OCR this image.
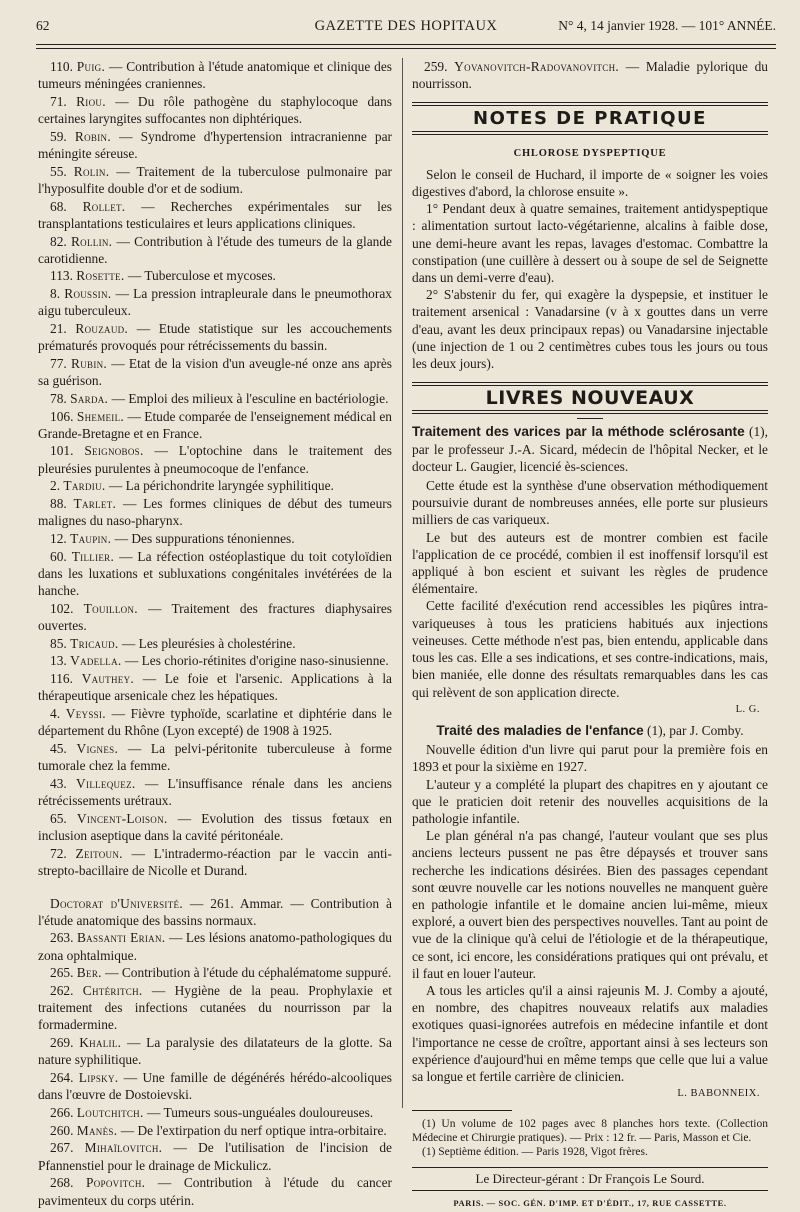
62	GAZETTE DES HOPITAUX	N° 4, 14 janvier 1928. — 101° ANNÉE.

110. Puig. — Contribution à l'étude anatomique et clinique des tumeurs méningées craniennes.

71. Riou. — Du rôle pathogène du staphylocoque dans certaines laryngites suffocantes non diphtériques.

59. Robin. — Syndrome d'hypertension intracranienne par méningite séreuse.

55. Rolin. — Traitement de la tuberculose pulmonaire par l'hyposulfite double d'or et de sodium.

68. Rollet. — Recherches expérimentales sur les transplantations testiculaires et leurs applications cliniques.

82. Rollin. — Contribution à l'étude des tumeurs de la glande carotidienne.

113. Rosette. — Tuberculose et mycoses.

8. Roussin. — La pression intrapleurale dans le pneumothorax aigu tuberculeux.

21. Rouzaud. — Etude statistique sur les accouchements prématurés provoqués pour rétrécissements du bassin.

77. Rubin. — Etat de la vision d'un aveugle-né onze ans après sa guérison.

78. Sarda. — Emploi des milieux à l'esculine en bactériologie.

106. Shemeil. — Etude comparée de l'enseignement médical en Grande-Bretagne et en France.

101. Seignobos. — L'optochine dans le traitement des pleurésies purulentes à pneumocoque de l'enfance.

2. Tardiu. — La périchondrite laryngée syphilitique.

88. Tarlet. — Les formes cliniques de début des tumeurs malignes du naso-pharynx.

12. Taupin. — Des suppurations ténoniennes.

60. Tillier. — La réfection ostéoplastique du toit cotyloïdien dans les luxations et subluxations congénitales invétérées de la hanche.

102. Touillon. — Traitement des fractures diaphysaires ouvertes.

85. Tricaud. — Les pleurésies à cholestérine.

13. Vadella. — Les chorio-rétinites d'origine naso-sinusienne.

116. Vauthey. — Le foie et l'arsenic. Applications à la thérapeutique arsenicale chez les hépatiques.

4. Veyssi. — Fièvre typhoïde, scarlatine et diphtérie dans le département du Rhône (Lyon excepté) de 1908 à 1925.

45. Vignes. — La pelvi-péritonite tuberculeuse à forme tumorale chez la femme.

43. Villequez. — L'insuffisance rénale dans les anciens rétrécissements urétraux.

65. Vincent-Loison. — Evolution des tissus fœtaux en inclusion aseptique dans la cavité péritonéale.

72. Zeitoun. — L'intradermo-réaction par le vaccin anti-strepto-bacillaire de Nicolle et Durand.

Doctorat d'Université. — 261. Ammar. — Contribution à l'étude anatomique des bassins normaux.

263. Bassanti Erian. — Les lésions anatomo-pathologiques du zona ophtalmique.

265. Ber. — Contribution à l'étude du céphalématome suppuré.

262. Chtéritch. — Hygiène de la peau. Prophylaxie et traitement des infections cutanées du nourrisson par la formadermine.

269. Khalil. — La paralysie des dilatateurs de la glotte. Sa nature syphilitique.

264. Lipsky. — Une famille de dégénérés hérédo-alcooliques dans l'œuvre de Dostoievski.

266. Loutchitch. — Tumeurs sous-unguéales douloureuses.

260. Manès. — De l'extirpation du nerf optique intra-orbitaire.

267. Mihaïlovitch. — De l'utilisation de l'incision de Pfannenstiel pour le drainage de Mickulicz.

268. Popovitch. — Contribution à l'étude du cancer pavimenteux du corps utérin.

259. Yovanovitch-Radovanovitch. — Maladie pylorique du nourrisson.

NOTES DE PRATIQUE
CHLOROSE DYSPEPTIQUE

Selon le conseil de Huchard, il importe de « soigner les voies digestives d'abord, la chlorose ensuite ».

1° Pendant deux à quatre semaines, traitement antidyspeptique : alimentation surtout lacto-végétarienne, alcalins à faible dose, une demi-heure avant les repas, lavages d'estomac. Combattre la constipation (une cuillère à dessert ou à soupe de sel de Seignette dans un demi-verre d'eau).

2° S'abstenir du fer, qui exagère la dyspepsie, et instituer le traitement arsenical : Vanadarsine (v à x gouttes dans un verre d'eau, avant les deux principaux repas) ou Vanadarsine injectable (une injection de 1 ou 2 centimètres cubes tous les jours ou tous les deux jours).

LIVRES NOUVEAUX

Traitement des varices par la méthode sclérosante (1), par le professeur J.-A. Sicard, médecin de l'hôpital Necker, et le docteur L. Gaugier, licencié ès-sciences.

Cette étude est la synthèse d'une observation méthodiquement poursuivie durant de nombreuses années, elle porte sur plusieurs milliers de cas variqueux.

Le but des auteurs est de montrer combien est facile l'application de ce procédé, combien il est inoffensif lorsqu'il est appliqué à bon escient et suivant les règles de prudence élémentaire.

Cette facilité d'exécution rend accessibles les piqûres intra-variqueuses à tous les praticiens habitués aux injections veineuses. Cette méthode n'est pas, bien entendu, applicable dans tous les cas. Elle a ses indications, et ses contre-indications, mais, bien maniée, elle donne des résultats remarquables dans les cas qui relèvent de son application directe.

L. G.

Traité des maladies de l'enfance (1), par J. Comby.

Nouvelle édition d'un livre qui parut pour la première fois en 1893 et pour la sixième en 1927.

L'auteur y a complété la plupart des chapitres en y ajoutant ce que le praticien doit retenir des nouvelles acquisitions de la pathologie infantile.

Le plan général n'a pas changé, l'auteur voulant que ses plus anciens lecteurs pussent ne pas être dépaysés et trouver sans recherche les indications désirées. Bien des passages cependant sont œuvre nouvelle car les notions nouvelles ne manquent guère en pathologie infantile et le domaine ancien lui-même, mieux exploré, a ouvert bien des perspectives nouvelles. Tant au point de vue de la clinique qu'à celui de l'étiologie et de la thérapeutique, ce sont, ici encore, les considérations pratiques qui ont prévalu, et il faut en louer l'auteur.

A tous les articles qu'il a ainsi rajeunis M. J. Comby a ajouté, en nombre, des chapitres nouveaux relatifs aux maladies exotiques quasi-ignorées autrefois en médecine infantile et dont l'importance ne cesse de croître, apportant ainsi à ses lecteurs son expérience d'aujourd'hui en même temps que celle que lui a value sa longue et fertile carrière de clinicien.

L. BABONNEIX.

(1) Un volume de 102 pages avec 8 planches hors texte. (Collection Médecine et Chirurgie pratiques). — Prix : 12 fr. — Paris, Masson et Cie.

(1) Septième édition. — Paris 1928, Vigot frères.

Le Directeur-gérant : Dr François Le Sourd.
PARIS. — SOC. GÉN. D'IMP. ET D'ÉDIT., 17, RUE CASSETTE.
